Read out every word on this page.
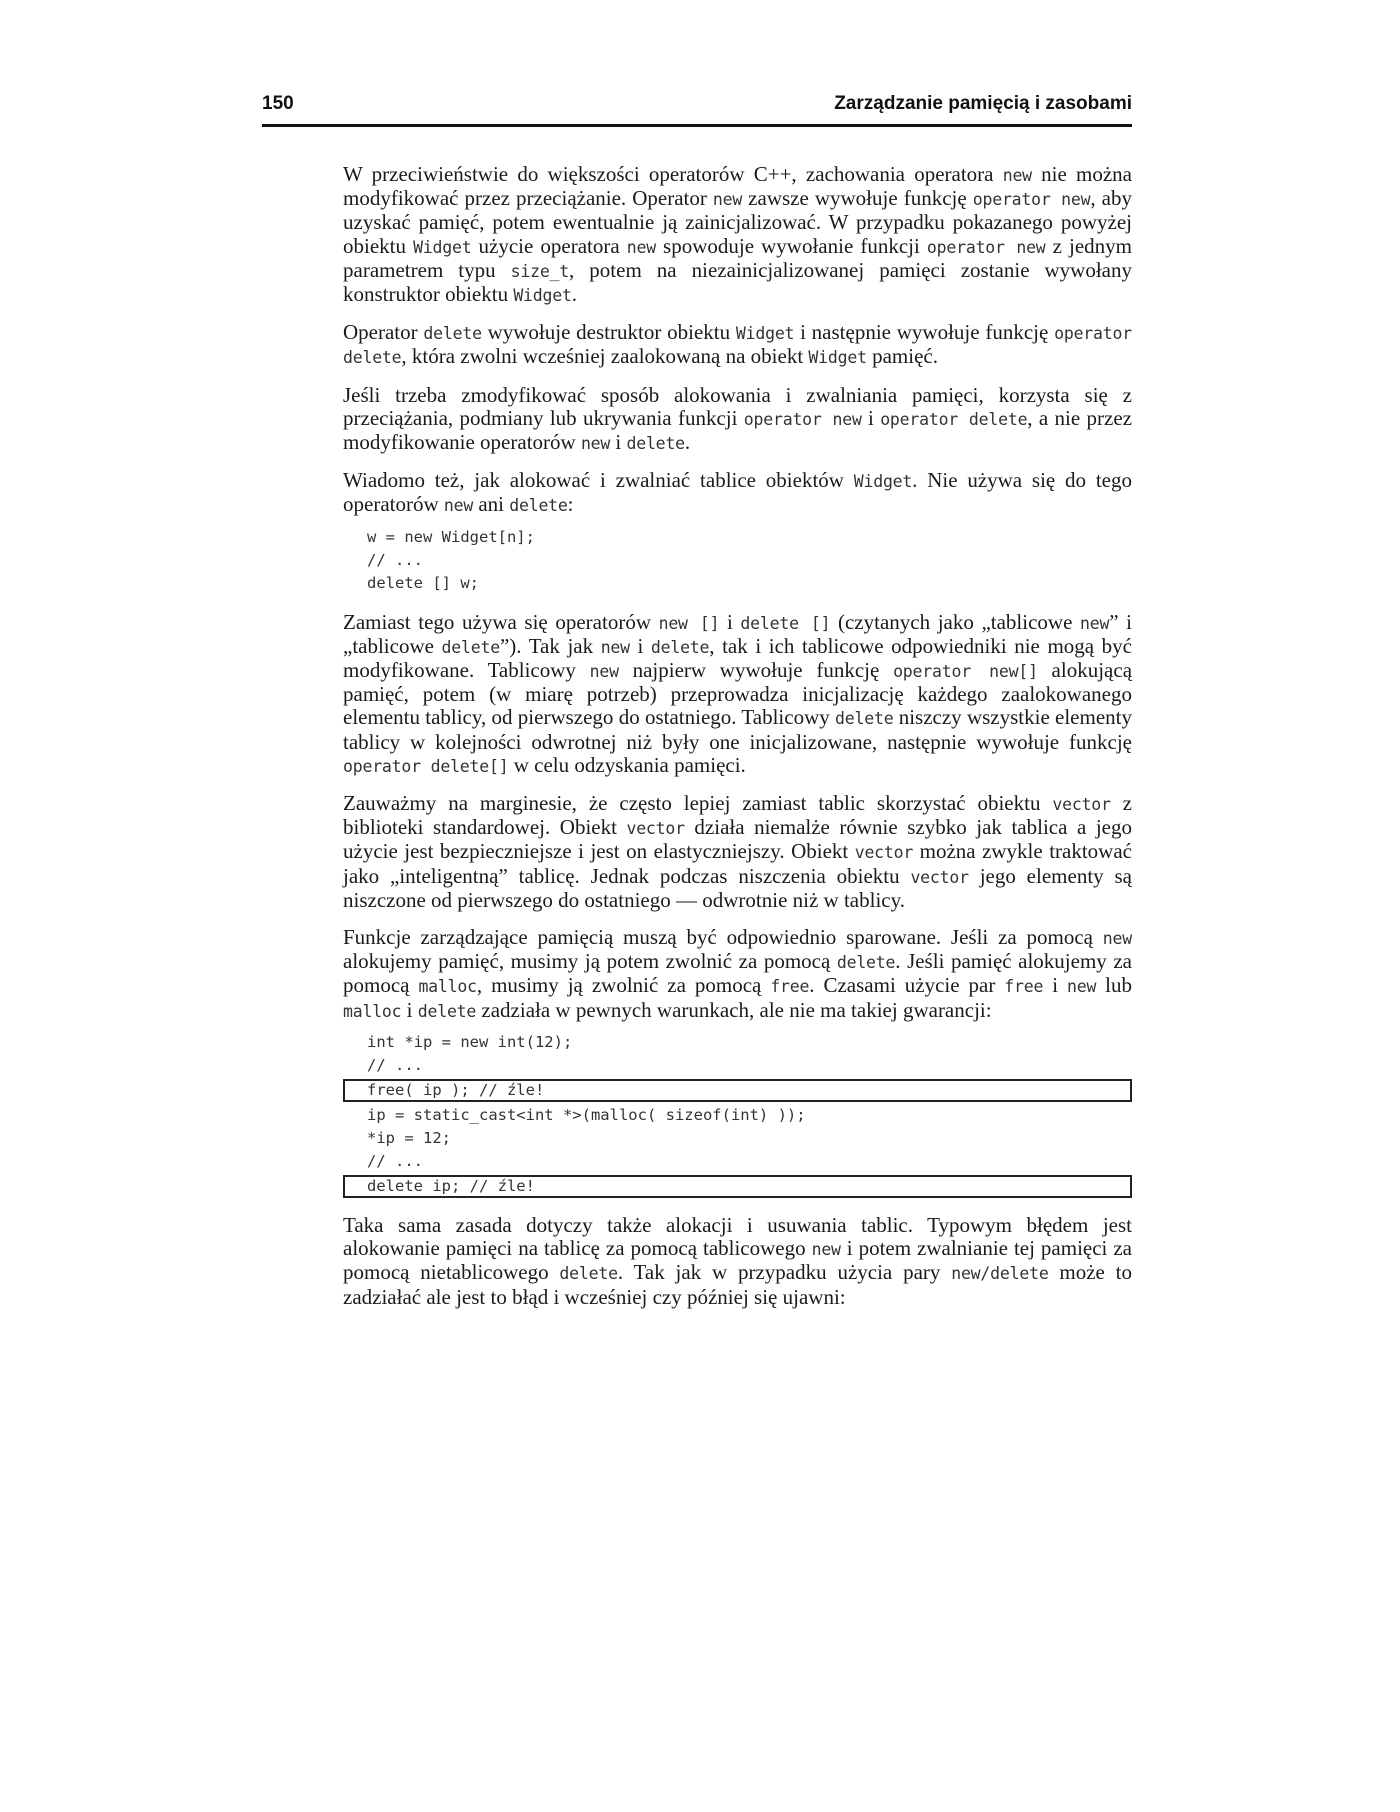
150	Zarządzanie pamięcią i zasobami

W przeciwieństwie do większości operatorów C++, zachowania operatora new nie można modyfikować przez przeciążanie. Operator new zawsze wywołuje funkcję operator new, aby uzyskać pamięć, potem ewentualnie ją zainicjalizować. W przypadku pokazanego powyżej obiektu Widget użycie operatora new spowoduje wywołanie funkcji operator new z jednym parametrem typu size_t, potem na niezainicjalizowanej pamięci zostanie wywołany konstruktor obiektu Widget.

Operator delete wywołuje destruktor obiektu Widget i następnie wywołuje funkcję operator delete, która zwolni wcześniej zaalokowaną na obiekt Widget pamięć.

Jeśli trzeba zmodyfikować sposób alokowania i zwalniania pamięci, korzysta się z przeciążania, podmiany lub ukrywania funkcji operator new i operator delete, a nie przez modyfikowanie operatorów new i delete.

Wiadomo też, jak alokować i zwalniać tablice obiektów Widget. Nie używa się do tego operatorów new ani delete:

w = new Widget[n];
// ...
delete [] w;

Zamiast tego używa się operatorów new [] i delete [] (czytanych jako „tablicowe new” i „tablicowe delete”). Tak jak new i delete, tak i ich tablicowe odpowiedniki nie mogą być modyfikowane. Tablicowy new najpierw wywołuje funkcję operator new[] alokującą pamięć, potem (w miarę potrzeb) przeprowadza inicjalizację każdego zaalokowanego elementu tablicy, od pierwszego do ostatniego. Tablicowy delete niszczy wszystkie elementy tablicy w kolejności odwrotnej niż były one inicjalizowane, następnie wywołuje funkcję operator delete[] w celu odzyskania pamięci.

Zauważmy na marginesie, że często lepiej zamiast tablic skorzystać obiektu vector z biblioteki standardowej. Obiekt vector działa niemalże równie szybko jak tablica a jego użycie jest bezpieczniejsze i jest on elastyczniejszy. Obiekt vector można zwykle traktować jako „inteligentną” tablicę. Jednak podczas niszczenia obiektu vector jego elementy są niszczone od pierwszego do ostatniego — odwrotnie niż w tablicy.

Funkcje zarządzające pamięcią muszą być odpowiednio sparowane. Jeśli za pomocą new alokujemy pamięć, musimy ją potem zwolnić za pomocą delete. Jeśli pamięć alokujemy za pomocą malloc, musimy ją zwolnić za pomocą free. Czasami użycie par free i new lub malloc i delete zadziała w pewnych warunkach, ale nie ma takiej gwarancji:

int *ip = new int(12);
// ...
free( ip ); // źle!
ip = static_cast<int *>(malloc( sizeof(int) ));
*ip = 12;
// ...
delete ip; // źle!

Taka sama zasada dotyczy także alokacji i usuwania tablic. Typowym błędem jest alokowanie pamięci na tablicę za pomocą tablicowego new i potem zwalnianie tej pamięci za pomocą nietablicowego delete. Tak jak w przypadku użycia pary new/delete może to zadziałać ale jest to błąd i wcześniej czy później się ujawni:
